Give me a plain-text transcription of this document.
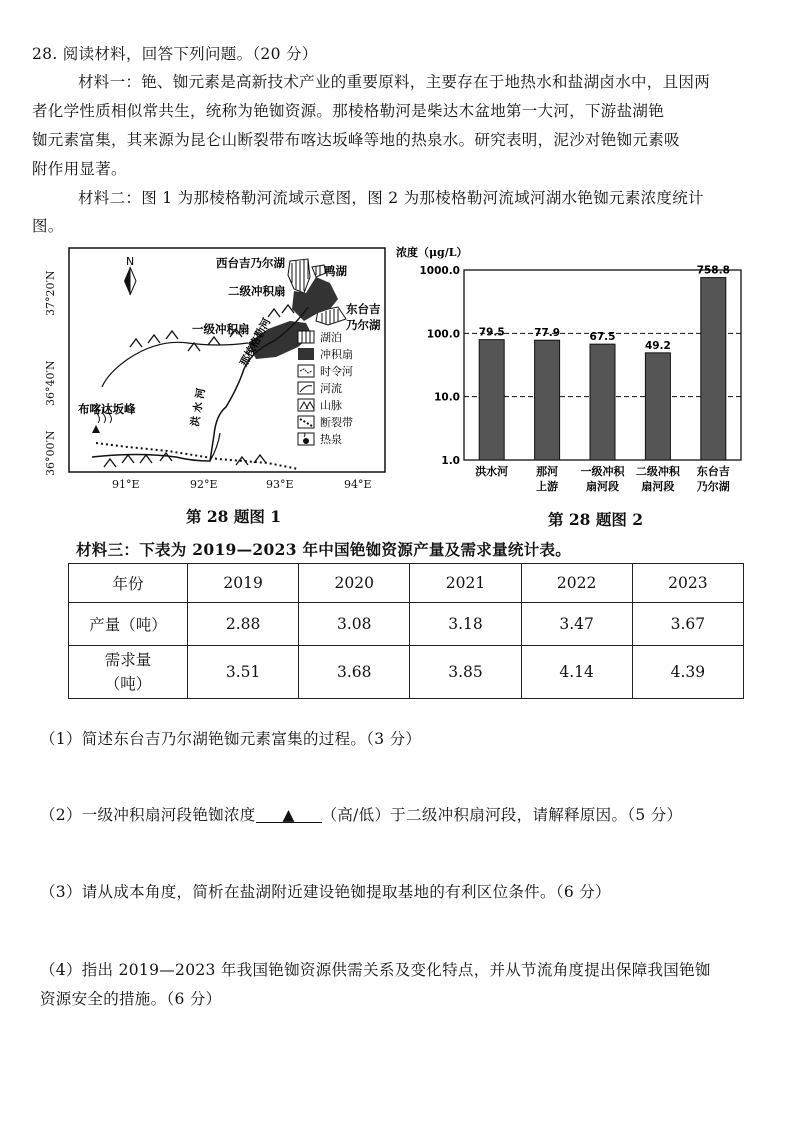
28. 阅读材料，回答下列问题。（20 分）
材料一：铯、铷元素是高新技术产业的重要原料，主要存在于地热水和盐湖卤水中，且因两
者化学性质相似常共生，统称为铯铷资源。那棱格勒河是柴达木盆地第一大河，下游盐湖铯
铷元素富集，其来源为昆仑山断裂带布喀达坂峰等地的热泉水。研究表明，泥沙对铯铷元素吸
附作用显著。
材料二：图 1 为那棱格勒河流域示意图，图 2 为那棱格勒河流域河湖水铯铷元素浓度统计
图。
N	西台吉乃尔湖
鸭湖
东台吉
乃尔湖
二级冲积扇
一级冲积扇
那棱格勒河
洪 水 河
布喀达坂峰
湖泊
冲积扇
时令河
河流
山脉
断裂带
热泉
37°20′N
36°40′N
36°00′N
91°E	92°E	93°E	94°E
浓度（μg/L）
1000.0
100.0
10.0
1.0
79.5
洪水河
77.9
那河
上游
67.5
一级冲积
扇河段
49.2
二级冲积
扇河段
758.8
东台吉
乃尔湖
第 28 题图 1	第 28 题图 2
材料三：下表为 2019—2023 年中国铯铷资源产量及需求量统计表。
年份	2019	2020	2021	2022	2023
产量（吨）	2.88	3.08	3.18	3.47	3.67

需求量
（吨）	3.51	3.68	3.85	4.14	4.39
（1）简述东台吉乃尔湖铯铷元素富集的过程。（3 分）
（2）一级冲积扇河段铯铷浓度 ▲ （高/低）于二级冲积扇河段，请解释原因。（5 分）
（3）请从成本角度，简析在盐湖附近建设铯铷提取基地的有利区位条件。（6 分）
（4）指出 2019—2023 年我国铯铷资源供需关系及变化特点，并从节流角度提出保障我国铯铷
资源安全的措施。（6 分）
